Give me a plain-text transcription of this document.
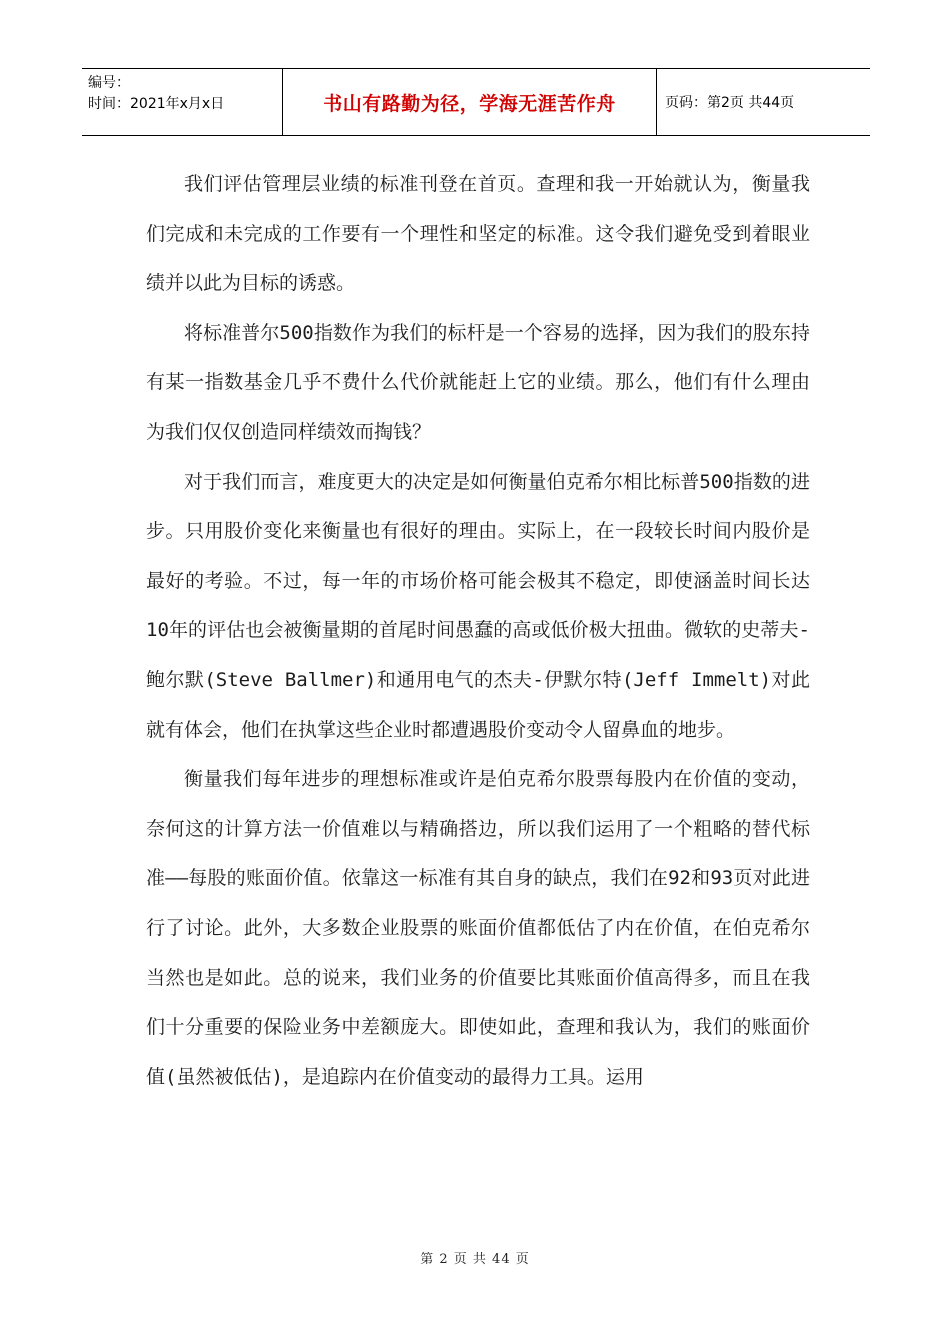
编号：
时间：2021年x月x日	书山有路勤为径，学海无涯苦作舟	页码：第2页 共44页

我们评估管理层业绩的标准刊登在首页。查理和我一开始就认为，衡量我们完成和未完成的工作要有一个理性和坚定的标准。这令我们避免受到着眼业绩并以此为目标的诱惑。

将标准普尔500指数作为我们的标杆是一个容易的选择，因为我们的股东持有某一指数基金几乎不费什么代价就能赶上它的业绩。那么，他们有什么理由为我们仅仅创造同样绩效而掏钱？

对于我们而言，难度更大的决定是如何衡量伯克希尔相比标普500指数的进步。只用股价变化来衡量也有很好的理由。实际上，在一段较长时间内股价是最好的考验。不过，每一年的市场价格可能会极其不稳定，即使涵盖时间长达10年的评估也会被衡量期的首尾时间愚蠢的高或低价极大扭曲。微软的史蒂夫-鲍尔默(Steve Ballmer)和通用电气的杰夫-伊默尔特(Jeff Immelt)对此就有体会，他们在执掌这些企业时都遭遇股价变动令人留鼻血的地步。

衡量我们每年进步的理想标准或许是伯克希尔股票每股内在价值的变动，奈何这的计算方法一价值难以与精确搭边，所以我们运用了一个粗略的替代标准——每股的账面价值。依靠这一标准有其自身的缺点，我们在92和93页对此进行了讨论。此外，大多数企业股票的账面价值都低估了内在价值，在伯克希尔当然也是如此。总的说来，我们业务的价值要比其账面价值高得多，而且在我们十分重要的保险业务中差额庞大。即使如此，查理和我认为，我们的账面价值(虽然被低估)，是追踪内在价值变动的最得力工具。运用

第 2 页 共 44 页
